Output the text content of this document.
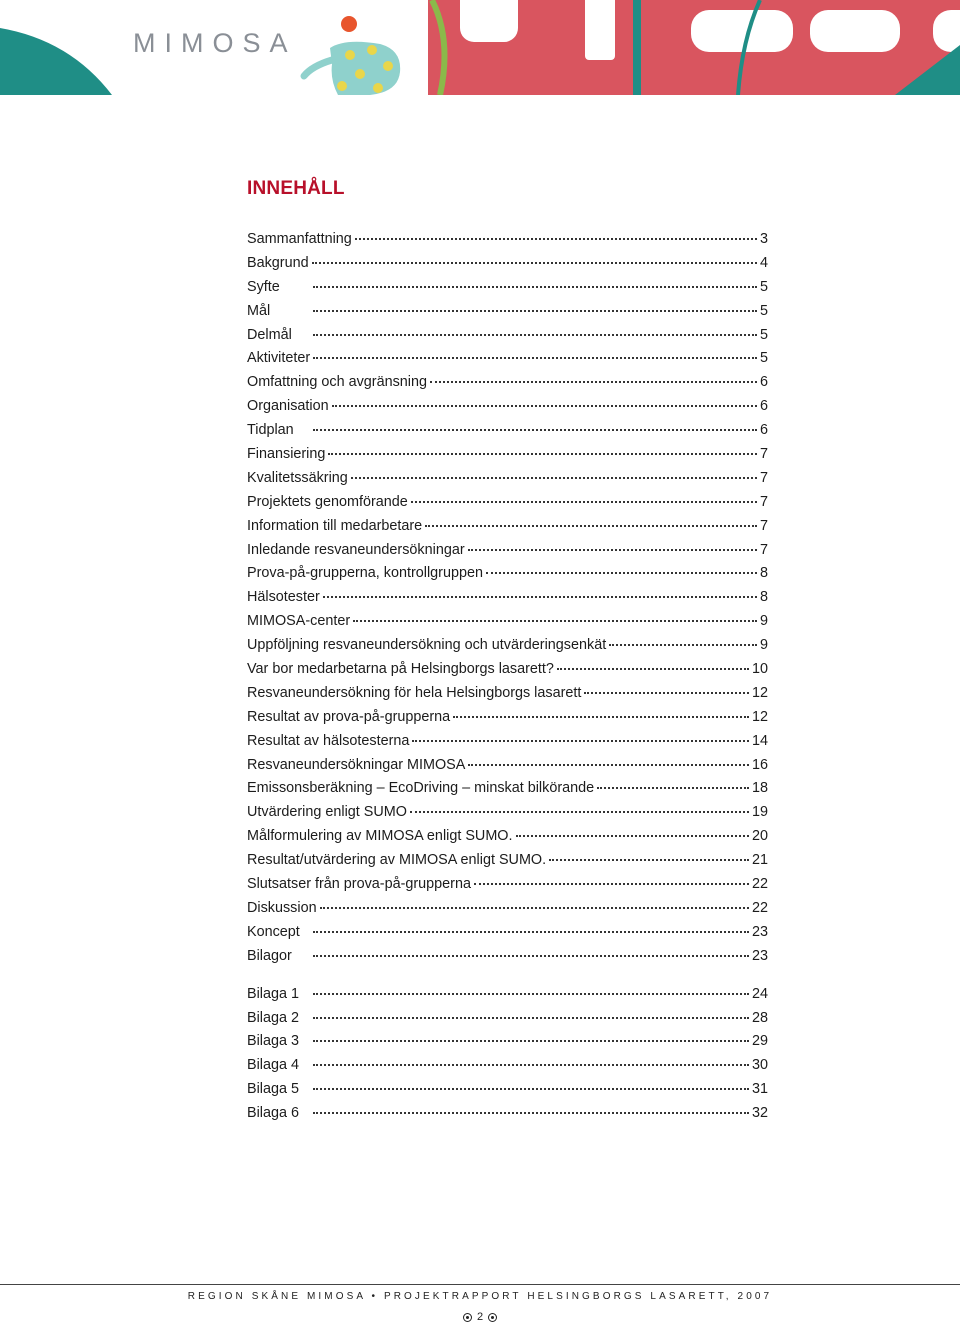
MIMOSA
INNEHÅLL
Sammanfattning	3
Bakgrund	4
Syfte	5
Mål	5
Delmål	5
Aktiviteter	5
Omfattning och avgränsning	6
Organisation	6
Tidplan	6
Finansiering	7
Kvalitetssäkring	7
Projektets genomförande	7
Information till medarbetare	7
Inledande resvaneundersökningar	7
Prova-på-grupperna, kontrollgruppen	8
Hälsotester	8
MIMOSA-center	9
Uppföljning resvaneundersökning och utvärderingsenkät	9
Var bor medarbetarna på Helsingborgs lasarett?	10
Resvaneundersökning för hela Helsingborgs lasarett	12
Resultat av prova-på-grupperna	12
Resultat av hälsotesterna	14
Resvaneundersökningar MIMOSA	16
Emissonsberäkning – EcoDriving – minskat bilkörande	18
Utvärdering enligt SUMO	19
Målformulering av MIMOSA enligt SUMO.	20
Resultat/utvärdering av MIMOSA enligt SUMO.	21
Slutsatser från prova-på-grupperna	22
Diskussion	22
Koncept	23
Bilagor	23
Bilaga 1	24
Bilaga 2	28
Bilaga 3	29
Bilaga 4	30
Bilaga 5	31
Bilaga 6	32
REGION SKÅNE MIMOSA • PROJEKTRAPPORT HELSINGBORGS LASARETT, 2007
2
